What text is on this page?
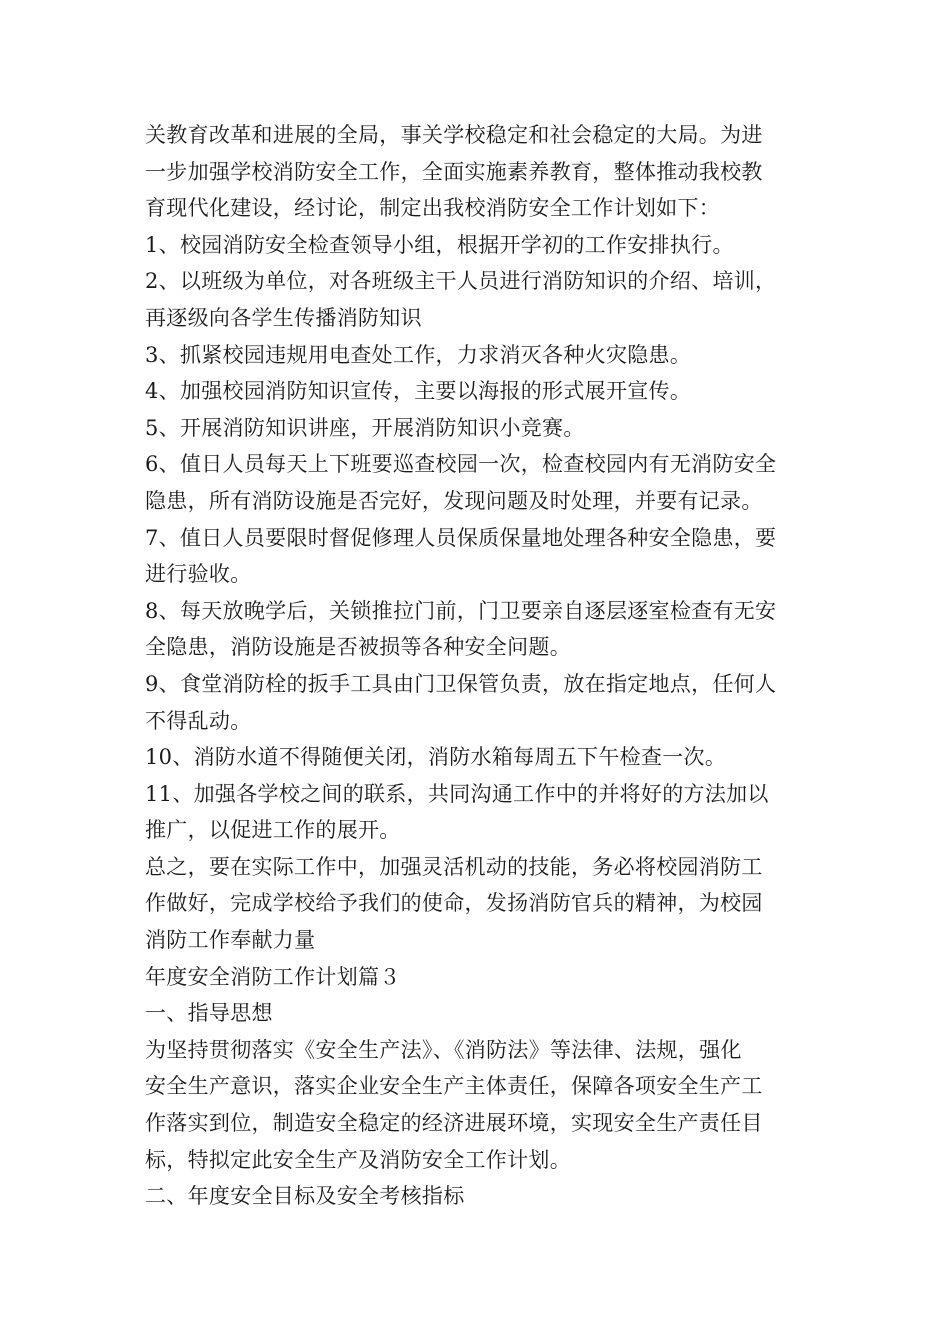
关教育改革和进展的全局，事关学校稳定和社会稳定的大局。为进
一步加强学校消防安全工作，全面实施素养教育，整体推动我校教
育现代化建设，经讨论，制定出我校消防安全工作计划如下：
1、校园消防安全检查领导小组，根据开学初的工作安排执行。
2、以班级为单位，对各班级主干人员进行消防知识的介绍、培训，
再逐级向各学生传播消防知识
3、抓紧校园违规用电查处工作，力求消灭各种火灾隐患。
4、加强校园消防知识宣传，主要以海报的形式展开宣传。
5、开展消防知识讲座，开展消防知识小竞赛。
6、值日人员每天上下班要巡查校园一次，检查校园内有无消防安全
隐患，所有消防设施是否完好，发现问题及时处理，并要有记录。
7、值日人员要限时督促修理人员保质保量地处理各种安全隐患，要
进行验收。
8、每天放晚学后，关锁推拉门前，门卫要亲自逐层逐室检查有无安
全隐患，消防设施是否被损等各种安全问题。
9、食堂消防栓的扳手工具由门卫保管负责，放在指定地点，任何人
不得乱动。
10、消防水道不得随便关闭，消防水箱每周五下午检查一次。
11、加强各学校之间的联系，共同沟通工作中的并将好的方法加以
推广，以促进工作的展开。
总之，要在实际工作中，加强灵活机动的技能，务必将校园消防工
作做好，完成学校给予我们的使命，发扬消防官兵的精神，为校园
消防工作奉献力量
年度安全消防工作计划篇３
一、指导思想
为坚持贯彻落实《安全生产法》、《消防法》等法律、法规，强化
安全生产意识，落实企业安全生产主体责任，保障各项安全生产工
作落实到位，制造安全稳定的经济进展环境，实现安全生产责任目
标，特拟定此安全生产及消防安全工作计划。
二、年度安全目标及安全考核指标
